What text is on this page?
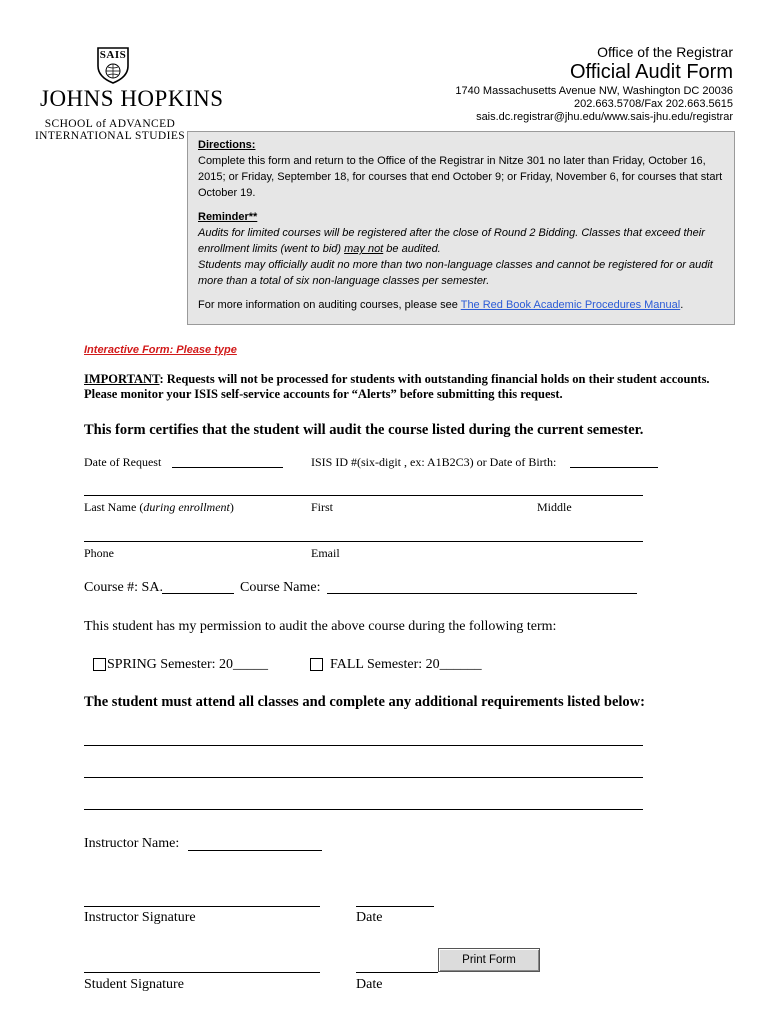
SAIS
JOHNS HOPKINS
SCHOOL of ADVANCED
INTERNATIONAL STUDIES
Office of the Registrar
Official Audit Form
1740 Massachusetts Avenue NW, Washington DC 20036
202.663.5708/Fax 202.663.5615
sais.dc.registrar@jhu.edu/www.sais-jhu.edu/registrar

Directions:

Complete this form and return to the Office of the Registrar in Nitze 301 no later than Friday, October 16, 2015; or Friday, September 18, for courses that end October 9; or Friday, November 6, for courses that start October 19.

Reminder**

Audits for limited courses will be registered after the close of Round 2 Bidding. Classes that exceed their enrollment limits (went to bid) may not be audited.

Students may officially audit no more than two non-language classes and cannot be registered for or audit more than a total of six non-language classes per semester.

For more information on auditing courses, please see The Red Book Academic Procedures Manual.

Interactive Form: Please type
IMPORTANT: Requests will not be processed for students with outstanding financial holds on their student accounts. Please monitor your ISIS self-service accounts for “Alerts” before submitting this request.
This form certifies that the student will audit the course listed during the current semester.
Date of Request	ISIS ID #(six-digit , ex: A1B2C3) or Date of Birth:
Last Name (during enrollment)	First	Middle
Phone	Email
Course #: SA.	Course Name:
This student has my permission to audit the above course during the following term:
SPRING Semester: 20_____	FALL Semester: 20______
The student must attend all classes and complete any additional requirements listed below:
Instructor Name:
Instructor Signature	Date
Student Signature	Date
Print Form
